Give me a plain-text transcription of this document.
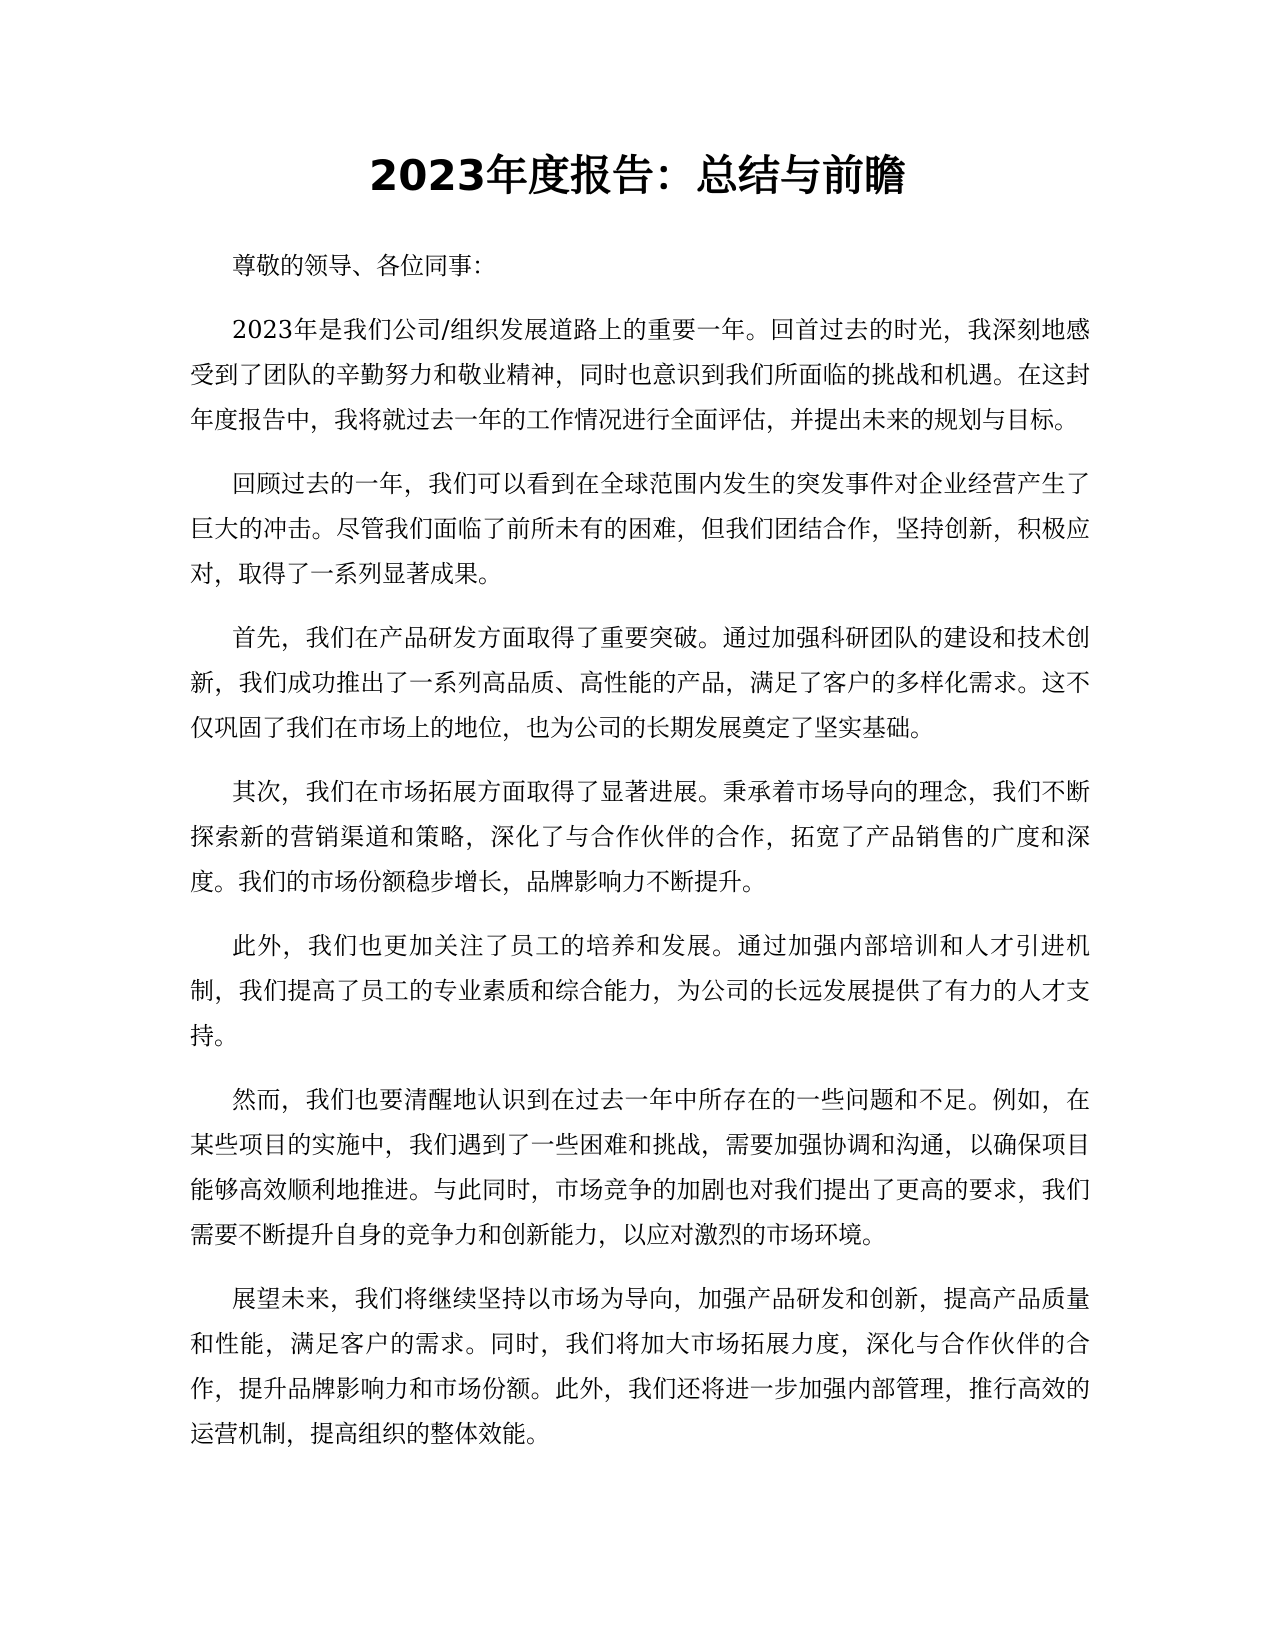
2023年度报告：总结与前瞻

尊敬的领导、各位同事：

2023年是我们公司/组织发展道路上的重要一年。回首过去的时光，我深刻地感受到了团队的辛勤努力和敬业精神，同时也意识到我们所面临的挑战和机遇。在这封年度报告中，我将就过去一年的工作情况进行全面评估，并提出未来的规划与目标。

回顾过去的一年，我们可以看到在全球范围内发生的突发事件对企业经营产生了巨大的冲击。尽管我们面临了前所未有的困难，但我们团结合作，坚持创新，积极应对，取得了一系列显著成果。

首先，我们在产品研发方面取得了重要突破。通过加强科研团队的建设和技术创新，我们成功推出了一系列高品质、高性能的产品，满足了客户的多样化需求。这不仅巩固了我们在市场上的地位，也为公司的长期发展奠定了坚实基础。

其次，我们在市场拓展方面取得了显著进展。秉承着市场导向的理念，我们不断探索新的营销渠道和策略，深化了与合作伙伴的合作，拓宽了产品销售的广度和深度。我们的市场份额稳步增长，品牌影响力不断提升。

此外，我们也更加关注了员工的培养和发展。通过加强内部培训和人才引进机制，我们提高了员工的专业素质和综合能力，为公司的长远发展提供了有力的人才支持。

然而，我们也要清醒地认识到在过去一年中所存在的一些问题和不足。例如，在某些项目的实施中，我们遇到了一些困难和挑战，需要加强协调和沟通，以确保项目能够高效顺利地推进。与此同时，市场竞争的加剧也对我们提出了更高的要求，我们需要不断提升自身的竞争力和创新能力，以应对激烈的市场环境。

展望未来，我们将继续坚持以市场为导向，加强产品研发和创新，提高产品质量和性能，满足客户的需求。同时，我们将加大市场拓展力度，深化与合作伙伴的合作，提升品牌影响力和市场份额。此外，我们还将进一步加强内部管理，推行高效的运营机制，提高组织的整体效能。
